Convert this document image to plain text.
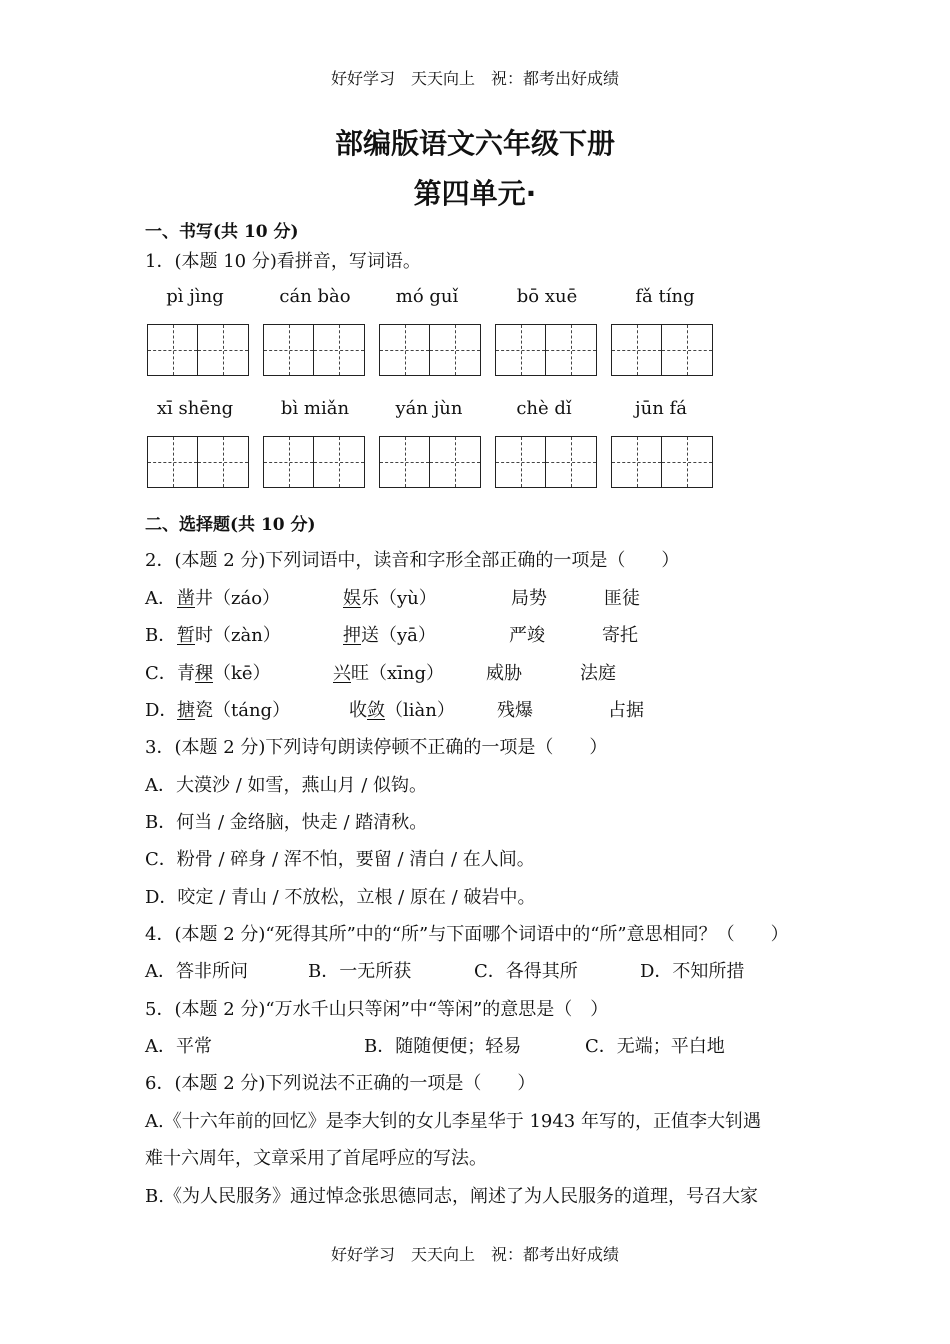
好好学习　天天向上　祝：都考出好成绩
部编版语文六年级下册
第四单元·
一、书写(共 10 分)
1．(本题 10 分)看拼音，写词语。
pì jìng	cán bào	mó guǐ	bō xuē	fǎ tíng
xī shēng	bì miǎn	yán jùn	chè dǐ	jūn fá
二、选择题(共 10 分)
2．(本题 2 分)下列词语中，读音和字形全部正确的一项是（　　）
A． 凿井（záo）	娱乐（yù）	局势	匪徒
B． 暂时（zàn）	押送（yā）	严竣	寄托
C． 青稞（kē）	兴旺（xīng） 威胁	法庭
D． 搪瓷（táng）	收敛（liàn） 残爆	占据
3．(本题 2 分)下列诗句朗读停顿不正确的一项是（　　）
A．大漠沙 / 如雪，燕山月 / 似钩。
B．何当 / 金络脑，快走 / 踏清秋。
C．粉骨 / 碎身 / 浑不怕，要留 / 清白 / 在人间。
D．咬定 / 青山 / 不放松，立根 / 原在 / 破岩中。
4．(本题 2 分)“死得其所”中的“所”与下面哪个词语中的“所”意思相同？（　　）
A．答非所问	B．一无所获	C．各得其所	D．不知所措
5．(本题 2 分)“万水千山只等闲”中“等闲”的意思是（　）
A．平常	B．随随便便；轻易	C．无端；平白地
6．(本题 2 分)下列说法不正确的一项是（　　）
A.《十六年前的回忆》是李大钊的女儿李星华于 1943 年写的，正值李大钊遇
难十六周年，文章采用了首尾呼应的写法。
B.《为人民服务》通过悼念张思德同志，阐述了为人民服务的道理，号召大家
好好学习　天天向上　祝：都考出好成绩
